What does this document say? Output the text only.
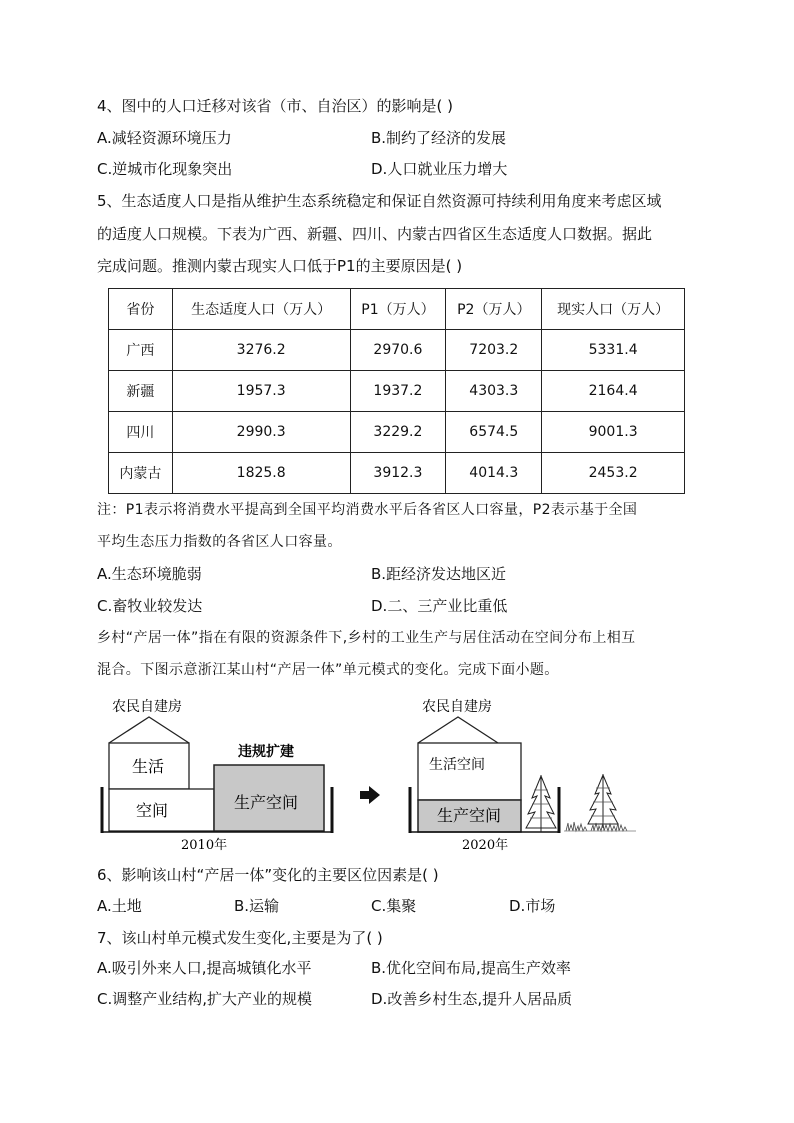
4、图中的人口迁移对该省（市、自治区）的影响是( )
A.减轻资源环境压力	B.制约了经济的发展
C.逆城市化现象突出	D.人口就业压力增大
5、生态适度人口是指从维护生态系统稳定和保证自然资源可持续利用角度来考虑区域
的适度人口规模。下表为广西、新疆、四川、内蒙古四省区生态适度人口数据。据此
完成问题。推测内蒙古现实人口低于P1的主要原因是( )
省份	生态适度人口（万人）	P1（万人）	P2（万人）	现实人口（万人）
广西	3276.2	2970.6	7203.2	5331.4
新疆	1957.3	1937.2	4303.3	2164.4
四川	2990.3	3229.2	6574.5	9001.3
内蒙古	1825.8	3912.3	4014.3	2453.2
注：P1表示将消费水平提高到全国平均消费水平后各省区人口容量，P2表示基于全国
平均生态压力指数的各省区人口容量。
A.生态环境脆弱	B.距经济发达地区近
C.畜牧业较发达	D.二、三产业比重低
乡村“产居一体”指在有限的资源条件下,乡村的工业生产与居住活动在空间分布上相互
混合。下图示意浙江某山村“产居一体”单元模式的变化。完成下面小题。
农民自建房
生活
空间
违规扩建
生产空间
2010年
农民自建房
生活空间
生产空间
2020年
6、影响该山村“产居一体”变化的主要区位因素是( )
A.土地	B.运输	C.集聚	D.市场
7、该山村单元模式发生变化,主要是为了( )
A.吸引外来人口,提高城镇化水平	B.优化空间布局,提高生产效率
C.调整产业结构,扩大产业的规模	D.改善乡村生态,提升人居品质
